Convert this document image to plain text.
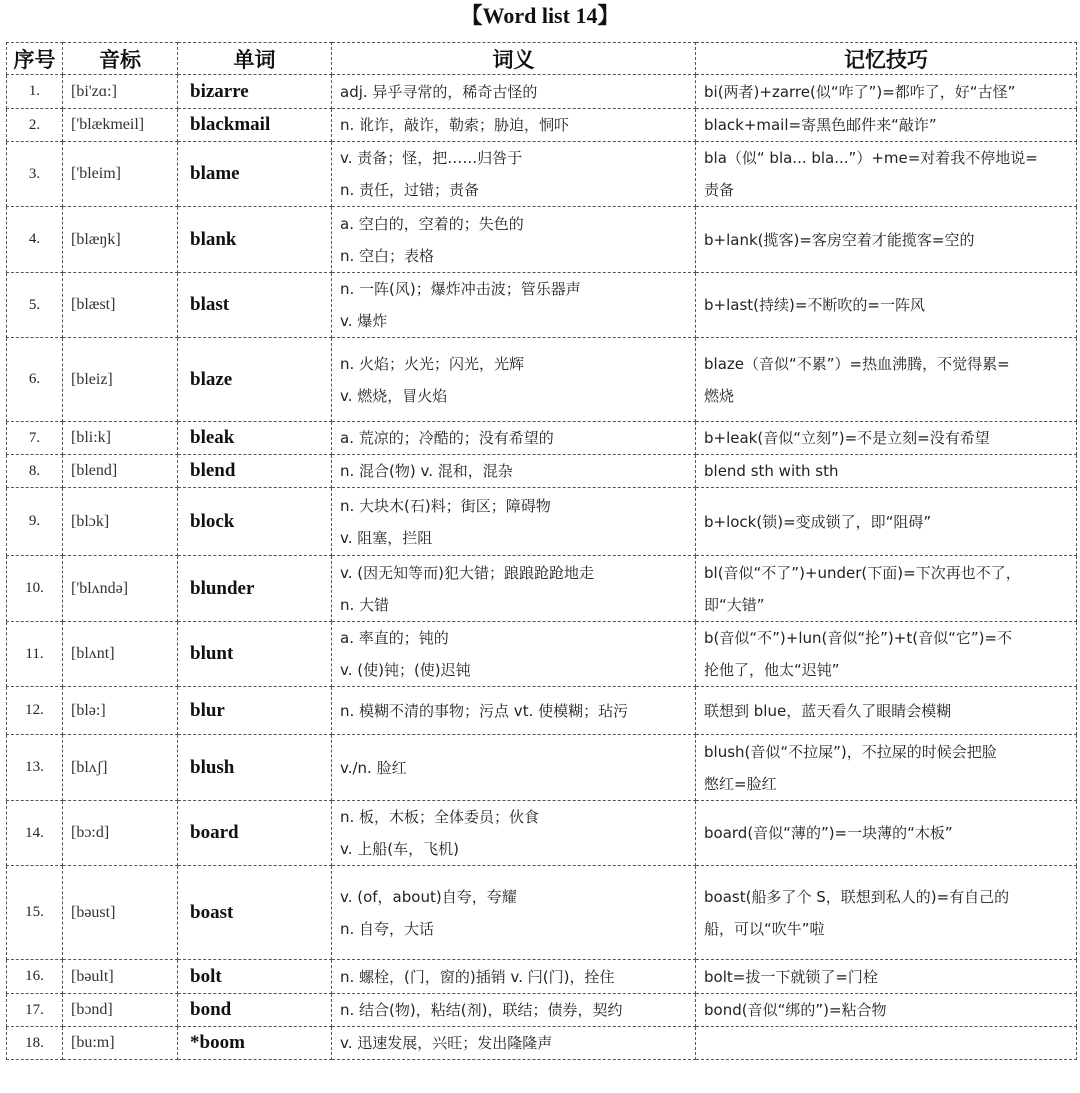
【Word list 14】
序号	音标	单词	词义	记忆技巧
1.	[bi'zɑ:]	bizarre	adj. 异乎寻常的，稀奇古怪的	bi(两者)+zarre(似“咋了”)=都咋了，好“古怪”

2.	['blækmeil]	blackmail	n. 讹诈，敲诈，勒索；胁迫，恫吓	black+mail=寄黑色邮件来“敲诈”

3.	['bleim]	blame	v. 责备；怪，把……归咎于
n. 责任，过错；责备	bla（似“ bla... bla...”）+me=对着我不停地说=
责备

4.	[blæŋk]	blank	a. 空白的，空着的；失色的
n. 空白；表格	b+lank(揽客)=客房空着才能揽客=空的

5.	[blæst]	blast	n. 一阵(风)；爆炸冲击波；管乐器声
v. 爆炸	b+last(持续)=不断吹的=一阵风

6.	[bleiz]	blaze	n. 火焰；火光；闪光，光辉
v. 燃烧，冒火焰	blaze（音似“不累”）=热血沸腾，不觉得累=
燃烧

7.	[bli:k]	bleak	a. 荒凉的；冷酷的；没有希望的	b+leak(音似“立刻”)=不是立刻=没有希望

8.	[blend]	blend	n. 混合(物) v. 混和，混杂	blend sth with sth

9.	[blɔk]	block	n. 大块木(石)料；街区；障碍物
v. 阻塞，拦阻	b+lock(锁)=变成锁了，即“阻碍”

10.	['blʌndə]	blunder	v. (因无知等而)犯大错；踉踉跄跄地走
n. 大错	bl(音似“不了”)+under(下面)=下次再也不了，
即“大错”

11.	[blʌnt]	blunt	a. 率直的；钝的
v. (使)钝；(使)迟钝	b(音似“不”)+lun(音似“抡”)+t(音似“它”)=不
抡他了，他太“迟钝”

12.	[blə:]	blur	n. 模糊不清的事物；污点 vt. 使模糊；玷污	联想到 blue，蓝天看久了眼睛会模糊

13.	[blʌʃ]	blush	v./n. 脸红	blush(音似“不拉屎”)，不拉屎的时候会把脸
憋红=脸红

14.	[bɔ:d]	board	n. 板，木板；全体委员；伙食
v. 上船(车，飞机)	board(音似“薄的”)=一块薄的“木板”

15.	[bəust]	boast	v. (of，about)自夸，夸耀
n. 自夸，大话	boast(船多了个 S，联想到私人的)=有自己的
船，可以“吹牛”啦

16.	[bəult]	bolt	n. 螺栓，(门，窗的)插销 v. 闩(门)，拴住	bolt=拔一下就锁了=门栓

17.	[bɔnd]	bond	n. 结合(物)，粘结(剂)，联结；债券，契约	bond(音似“绑的”)=粘合物

18.	[bu:m]	*boom	v. 迅速发展，兴旺；发出隆隆声	
